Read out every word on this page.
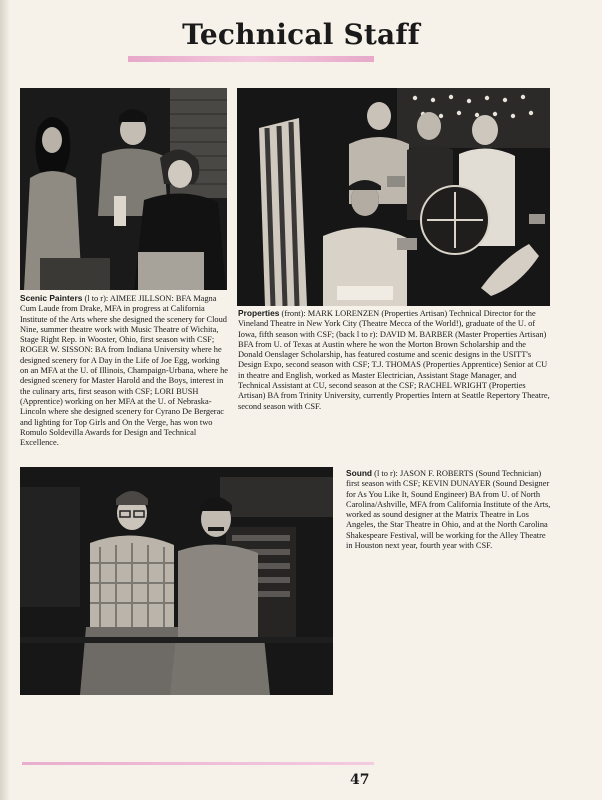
Technical Staff

Scenic Painters (l to r): AIMEE JILLSON: BFA Magna Cum Laude from Drake, MFA in progress at California Institute of the Arts where she designed the scenery for Cloud Nine, summer theatre work with Music Theatre of Wichita, Stage Right Rep. in Wooster, Ohio, first season with CSF; ROGER W. SISSON: BA from Indiana University where he designed scenery for A Day in the Life of Joe Egg, working on an MFA at the U. of Illinois, Champaign-Urbana, where he designed scenery for Master Harold and the Boys, interest in the culinary arts, first season with CSF; LORI BUSH (Apprentice) working on her MFA at the U. of Nebraska-Lincoln where she designed scenery for Cyrano De Bergerac and lighting for Top Girls and On the Verge, has won two Romulo Soldevilla Awards for Design and Technical Excellence.

Properties (front): MARK LORENZEN (Properties Artisan) Technical Director for the Vineland Theatre in New York City (Theatre Mecca of the World!), graduate of the U. of Iowa, fifth season with CSF; (back l to r): DAVID M. BARBER (Master Properties Artisan) BFA from U. of Texas at Austin where he won the Morton Brown Scholarship and the Donald Oenslager Scholarship, has featured costume and scenic designs in the USITT's Design Expo, second season with CSF; T.J. THOMAS (Properties Apprentice) Senior at CU in theatre and English, worked as Master Electrician, Assistant Stage Manager, and Technical Assistant at CU, second season at the CSF; RACHEL WRIGHT (Properties Artisan) BA from Trinity University, currently Properties Intern at Seattle Repertory Theatre, second season with CSF.

Sound (l to r): JASON F. ROBERTS (Sound Technician) first season with CSF; KEVIN DUNAYER (Sound Designer for As You Like It, Sound Engineer) BA from U. of North Carolina/Ashville, MFA from California Institute of the Arts, worked as sound designer at the Matrix Theatre in Los Angeles, the Star Theatre in Ohio, and at the North Carolina Shakespeare Festival, will be working for the Alley Theatre in Houston next year, fourth year with CSF.

47
